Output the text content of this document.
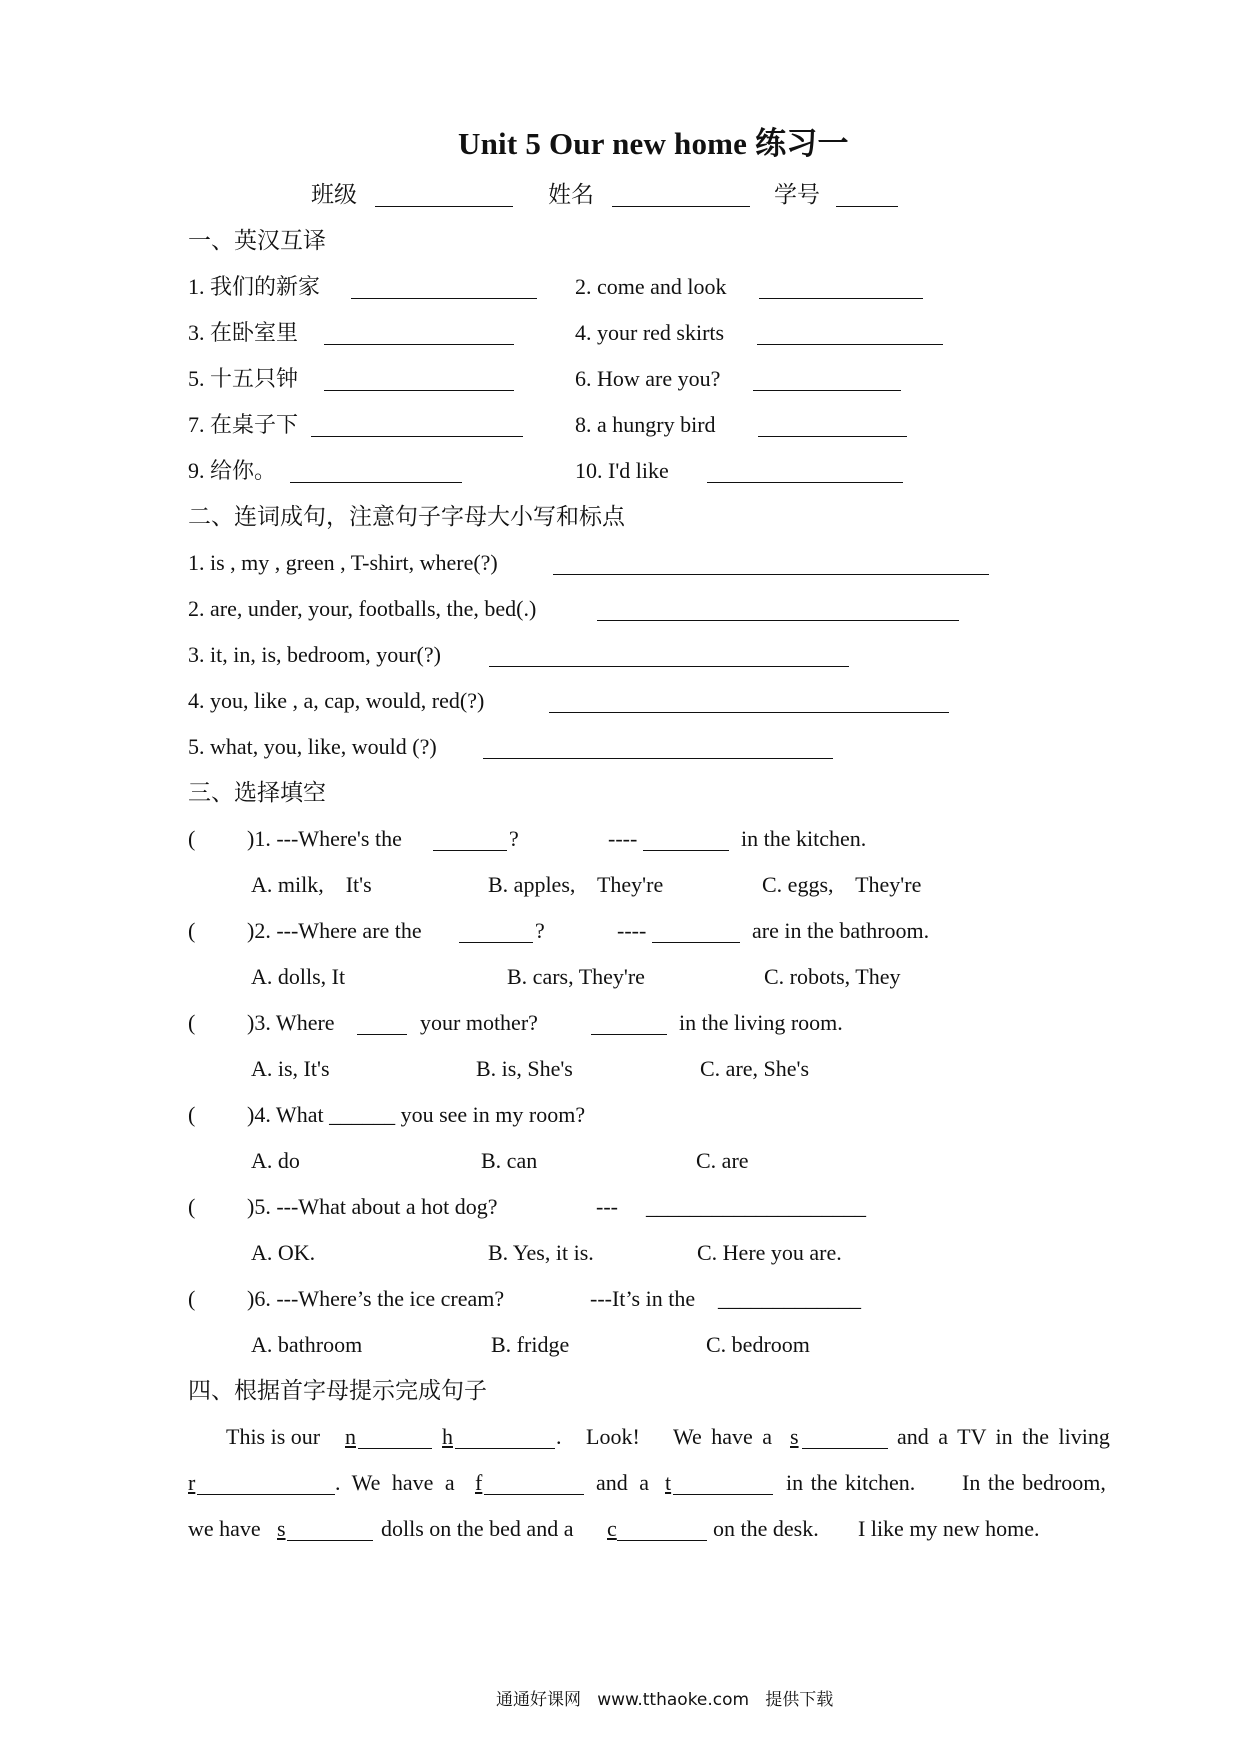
Unit 5 Our new home 练习一
班级	姓名	学号
一、英汉互译
1. 我们的新家	2. come and look
3. 在卧室里	4. your red skirts
5. 十五只钟	6. How are you?
7. 在桌子下	8. a hungry bird
9. 给你。	10. I'd like
二、连词成句，注意句子字母大小写和标点
1. is , my , green , T-shirt, where(?)
2. are, under, your, footballs, the, bed(.)
3. it, in, is, bedroom, your(?)
4. you, like , a, cap, would, red(?)
5. what, you, like, would (?)
三、选择填空
( )1. ---Where's the	?	----	in the kitchen.
A. milk,    It's	B. apples,    They're	C. eggs,    They're
( )2. ---Where are the	?	----	are in the bathroom.
A. dolls, It	B. cars, They're	C. robots, They
( )3. Where	your mother?	in the living room.
A. is, It's	B. is, She's	C. are, She's
( )4. What ______ you see in my room?
A. do	B. can	C. are
( )5. ---What about a hot dog?	--- ____________________
A. OK.	B. Yes, it is.	C. Here you are.
( )6. ---Where’s the ice cream?	---It’s in the _____________
A. bathroom	B. fridge	C. bedroom
四、根据首字母提示完成句子
This is our n	h	. Look! We have a s	and a TV in the living
r	. We have a f	and a t	in the kitchen. In the bedroom,
we have s	dolls on the bed and a c	on the desk. I like my new home.
通通好课网   www.tthaoke.com   提供下载
